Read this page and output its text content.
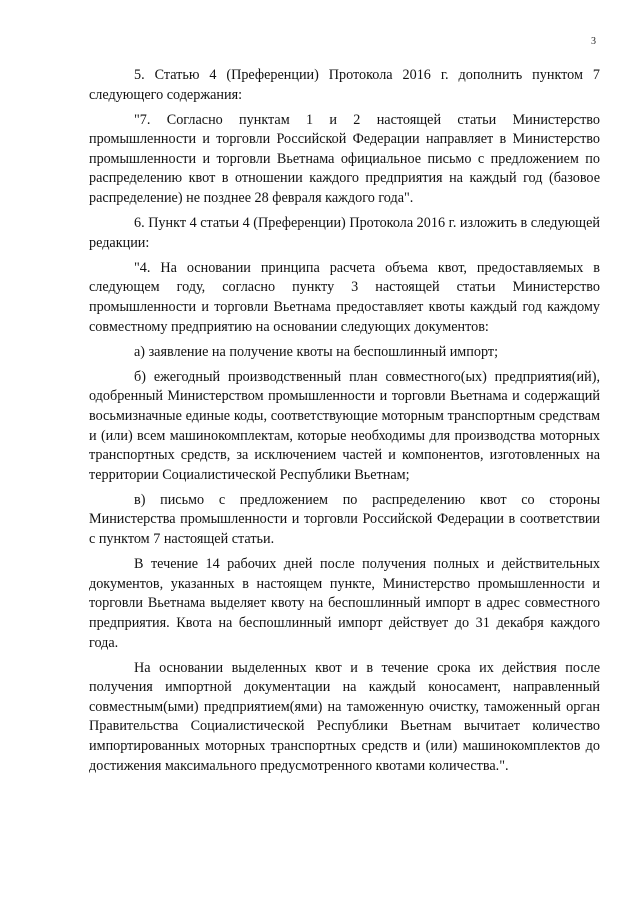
3

5. Статью 4 (Преференции) Протокола 2016 г. дополнить пунктом 7 следующего содержания:

"7. Согласно пунктам 1 и 2 настоящей статьи Министерство промышленности и торговли Российской Федерации направляет в Министерство промышленности и торговли Вьетнама официальное письмо с предложением по распределению квот в отношении каждого предприятия на каждый год (базовое распределение) не позднее 28 февраля каждого года".

6. Пункт 4 статьи 4 (Преференции) Протокола 2016 г. изложить в следующей редакции:

"4. На основании принципа расчета объема квот, предоставляемых в следующем году, согласно пункту 3 настоящей статьи Министерство промышленности и торговли Вьетнама предоставляет квоты каждый год каждому совместному предприятию на основании следующих документов:

а) заявление на получение квоты на беспошлинный импорт;

б) ежегодный производственный план совместного(ых) предприятия(ий), одобренный Министерством промышленности и торговли Вьетнама и содержащий восьмизначные единые коды, соответствующие моторным транспортным средствам и (или) всем машинокомплектам, которые необходимы для производства моторных транспортных средств, за исключением частей и компонентов, изготовленных на территории Социалистической Республики Вьетнам;

в) письмо с предложением по распределению квот со стороны Министерства промышленности и торговли Российской Федерации в соответствии с пунктом 7 настоящей статьи.

В течение 14 рабочих дней после получения полных и действительных документов, указанных в настоящем пункте, Министерство промышленности и торговли Вьетнама выделяет квоту на беспошлинный импорт в адрес совместного предприятия. Квота на беспошлинный импорт действует до 31 декабря каждого года.

На основании выделенных квот и в течение срока их действия после получения импортной документации на каждый коносамент, направленный совместным(ыми) предприятием(ями) на таможенную очистку, таможенный орган Правительства Социалистической Республики Вьетнам вычитает количество импортированных моторных транспортных средств и (или) машинокомплектов до достижения максимального предусмотренного квотами количества.".
